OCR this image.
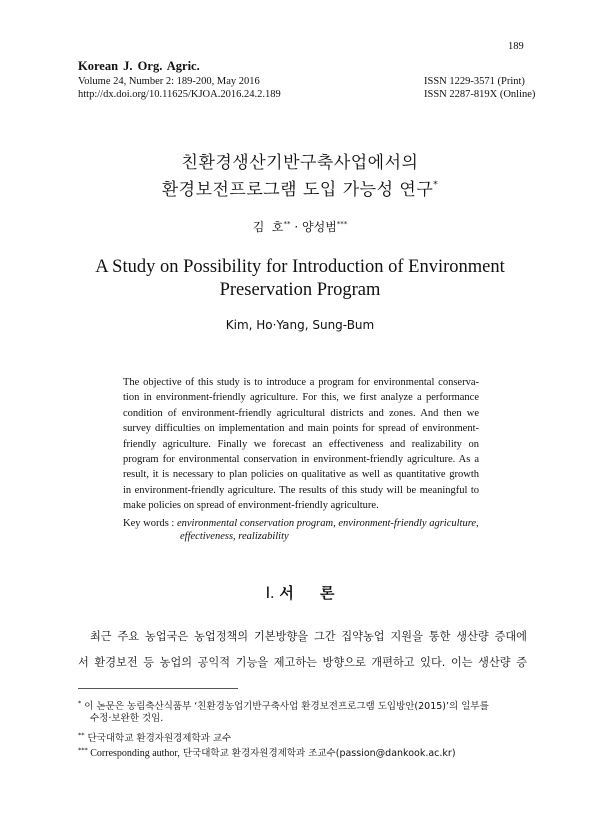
189
Korean J. Org. Agric.
Volume 24, Number 2: 189-200, May 2016
http://dx.doi.org/10.11625/KJOA.2016.24.2.189
ISSN 1229-3571 (Print)
ISSN 2287-819X (Online)
친환경생산기반구축사업에서의
환경보전프로그램 도입 가능성 연구*
김  호** · 양성범***
A Study on Possibility for Introduction of Environment
Preservation Program
Kim, Ho·Yang, Sung-Bum
The objective of this study is to introduce a program for environmental conserva-
tion in environment-friendly agriculture. For this, we first analyze a performance
condition of environment-friendly agricultural districts and zones. And then we
survey difficulties on implementation and main points for spread of environment-
friendly agriculture. Finally we forecast an effectiveness and realizability on
program for environmental conservation in environment-friendly agriculture. As a
result, it is necessary to plan policies on qualitative as well as quantitative growth
in environment-friendly agriculture. The results of this study will be meaningful to
make policies on spread of environment-friendly agriculture.
Key words : environmental conservation program, environment-friendly agriculture,
effectiveness, realizability
Ⅰ. 서     론
최근 주요 농업국은 농업정책의 기본방향을 그간 집약농업 지원을 통한 생산량 증대에
서 환경보전 등 농업의 공익적 기능을 제고하는 방향으로 개편하고 있다. 이는 생산량 증
* 이 논문은 농림축산식품부 ‘친환경농업기반구축사업 환경보전프로그램 도입방안(2015)’의 일부를
수정·보완한 것임.
** 단국대학교 환경자원경제학과 교수
*** Corresponding author, 단국대학교 환경자원경제학과 조교수(passion@dankook.ac.kr)
